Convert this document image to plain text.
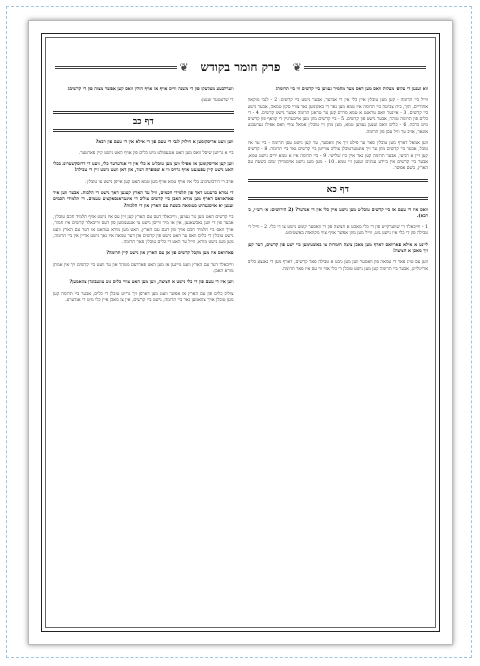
❦
פרק חומר בקודש
❦

ווא זענען די עלופ׳ מעלות וואס מען דאס מער מחמיר געווען ביי קדשים ווי ביי תרומה!

ווייל ביי תרומה - קען מען טובל׳ן איין כלי אין די אנדער, אבער נישט ביי קדשים. 2 - לגבי מוקאת אחוריים, תוך, בית צביטה ביי תרומה איז טמא מען נאר די באקומען נאר צוויי סקון טמאה, אבער נישט ביי קדשים. 3 - איינער וואס טראגט א טמא מדרס קען ער טראגן תרומה אבער נישט קדשים. 4 - די כלים פון תרומה טוהר, אבער נישט פון קדשים. 5 - ביי קדשים מוזן מען אייבערגיין די קוואף פון קדשים מיט ברכה. 6 - כלים וואס זענען געווען טמא, מען מוזן זיי טובל׳ן אמאל צוויי וואס אפילו גערעכנט אונאר, אויב ער וויל עסן פון תרומה.

ווען אמאל דארף מען טובל׳ן פאר ער פילט זיך אין וואסער, ער קען נישט עסן תרומה - ביי ער איז טובל, אבער ביי קדשים מוזן ער זיך אונטערטובלן צוליב צווייטן ביי קדשים נאר ביי תרומה. 8 - קדשים קען זיין א רביעי, אבער תרומה קען נאר איין ביז שלישי. 9 - ביי תרומה איז א טמא ידים נישט טמא, אבער ביי קדשים אין ביידע ענינים זענען זיי טמא. 10 - מען מעג נישט אויסמיידן שום בשעת עם הארץ, בשם אפשר.

דף כא

וואס איז די טעם אז ביי קדשים טובל׳ט מען נישט איין כלי אין די אנדער? (2 הירושים: א׳ רש״י, ב׳ רבא).

1 - ווייבאלד די שווערקייט פון די כלי מאכט א חציצה פון די וואסער קומט נישט צו די כלי. 2 - ווייל די טבילה פון די כלי איז נישט גוט, ווייל מען מוזן אפשר אויף צווי מקוואות באשטימט.

ליינט א אילא פארוואס דארף מען מאכן ציצה חומרות צו באשטימען ביי ישע פון קדשים, דער קען זיך מאכן א חציצה!

ווען עס טויג פאר די טמאה פון וואסער ווען מען גיבט א טבילה פאר קדשים, דארף מען די גאנצע כלים אריינלייגן, אבער ביי תרומה קען מען נישט טובלן די כלי אזוי ווי עס איז פאר תרומה.

ווערלבטע מעלעקו פון די משנה ווייס אויף אז אויף הולין וואס קען אפשר מצוה פון די קדשים!

די שרעטער זענען:

דף כב

ווען וועט אריסקומען א חילוק לגבי די טעם פון די אילא אין די טעם פון רבא?

ביי א גריזען שיסל וואס מען האט אנגעפולט מיט כלים פון אויף האט נישט קיין פארטער.

ווען קען אריסקומען אז אפילו ווען מען טובל׳ט א כלי אין די אנדערער כלי, וועט די דרוסקשערונג בכלי האט נישט קיין עפעגעט אויף גרויס ווי א שפופרת הנוד, און דאן וועט נישט זיין די טבילה!

אויב די דורכזעיכונג בלי איז אויף טמא אויף מען טמא האט קען אייפן נישט צו טובל׳ן.

די גמרא ברענגט דאך פון תלמידי חכמים, וויל עד הארץ קענען דאך נישט די הלכות. אבער ווען איר פאראוואס דארף מען מורא האבן ביי קדשים צוליב די אינטראנסאקציע טעמים. די תלמידי חכמים זענען יא אויסגעהיט בטומאה בשעת עם הארץ און די הלכות?

ביי קדשים האט מען גור געווען, ווייבאלד דעס עם הארץ קען זיין עס איז נישט אויף תלמיד חכם טובל׳ן, אבער פון די ווען נאכשאנען, אין אז מיר ווייסן נישט צי אנגענומען פון דעס ווייבאלד קדשים איז חמור, אויך וואס ביי תלמיד חכם אויך פון דעם עם הארץ, האט מען מורא געהאט אז דער עם הארץ וועט נישט טובל׳ן די כלים וואס ער האט נישט פון קדשים און דער טמאה איז נאך נישט אריין אין ביי תרומה, מען מעג נישט מורא, ווייל ער האט די כלים טובל׳ן פאר תרומה.

פארוואס איז מען מקבל קדשים פון אן עם הארץ און נישט קיין תרומה?

ווייבאלד דער עם הארץ וועט מיינען אז מען האט פארדעם מטהר און ער וועט ביי קדשים זיך אין אמתן מורא האבן.

ווען איז די טעם פון די כלי נישט א חציצה, ווען מען האט צוויי כלים גוט צוגעבונדן צוזאמען?

צוליב כלים פון עם הארץ אז אפשר וועט מען דארפן זיך גרייט טובלן די כלים, אבער ביי תרומה קען מען טובלן אויך צוזאמען נאר ביי תרומה, נישט ביי קדשים, אין צו מאכן איין כלי מיט די אנדערע.
